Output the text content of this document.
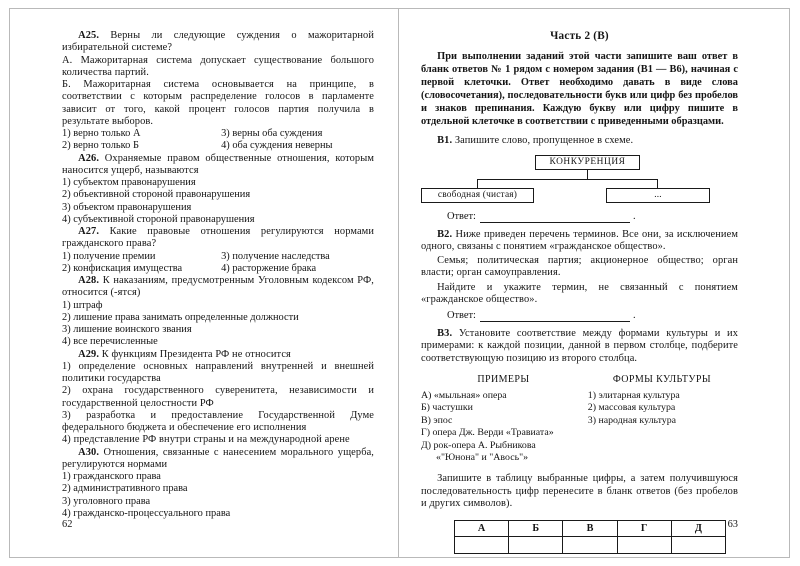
A25. Верны ли следующие суждения о мажоритарной избирательной системе?

А. Мажоритарная система допускает существование большого количества партий.

Б. Мажоритарная система основывается на принципе, в соответствии с которым распределение голосов в парламенте зависит от того, какой процент голосов партия получила в результате выборов.

1) верно только А	3) верны оба суждения
2) верно только Б	4) оба суждения неверны

A26. Охраняемые правом общественные отношения, которым наносится ущерб, называются

1) субъектом правонарушения

2) объективной стороной правонарушения

3) объектом правонарушения

4) субъективной стороной правонарушения

A27. Какие правовые отношения регулируются нормами гражданского права?

1) получение премии	3) получение наследства
2) конфискация имущества	4) расторжение брака

A28. К наказаниям, предусмотренным Уголовным кодексом РФ, относится (-ятся)

1) штраф

2) лишение права занимать определенные должности

3) лишение воинского звания

4) все перечисленные

A29. К функциям Президента РФ не относится

1) определение основных направлений внутренней и внешней политики государства

2) охрана государственного суверенитета, независимости и государственной целостности РФ

3) разработка и предоставление Государственной Думе федерального бюджета и обеспечение его исполнения

4) представление РФ внутри страны и на международной арене

A30. Отношения, связанные с нанесением морального ущерба, регулируются нормами

1) гражданского права

2) административного права

3) уголовного права

4) гражданско-процессуального права

62
Часть 2 (В)

При выполнении заданий этой части запишите ваш ответ в бланк ответов № 1 рядом с номером задания (В1 — В6), начиная с первой клеточки. Ответ необходимо давать в виде слова (словосочетания), последовательности букв или цифр без пробелов и знаков препинания. Каждую букву или цифру пишите в отдельной клеточке в соответствии с приведенными образцами.

В1. Запишите слово, пропущенное в схеме.

КОНКУРЕНЦИЯ
свободная (чистая)	...
Ответ:	.

В2. Ниже приведен перечень терминов. Все они, за исключением одного, связаны с понятием «гражданское общество».

Семья; политическая партия; акционерное общество; орган власти; орган самоуправления.

Найдите и укажите термин, не связанный с понятием «гражданское общество».

Ответ:	.

В3. Установите соответствие между формами культуры и их примерами: к каждой позиции, данной в первом столбце, подберите соответствующую позицию из второго столбца.

ПРИМЕРЫ	ФОРМЫ КУЛЬТУРЫ
А) «мыльная» опера
Б) частушки
В) эпос
Г) опера Дж. Верди «Травиата»
Д) рок-опера А. Рыбникова
«"Юнона" и "Авось"»
1) элитарная культура
2) массовая культура
3) народная культура

Запишите в таблицу выбранные цифры, а затем получившуюся последовательность цифр перенесите в бланк ответов (без пробелов и других символов).

А	Б	В	Г	Д
				63
